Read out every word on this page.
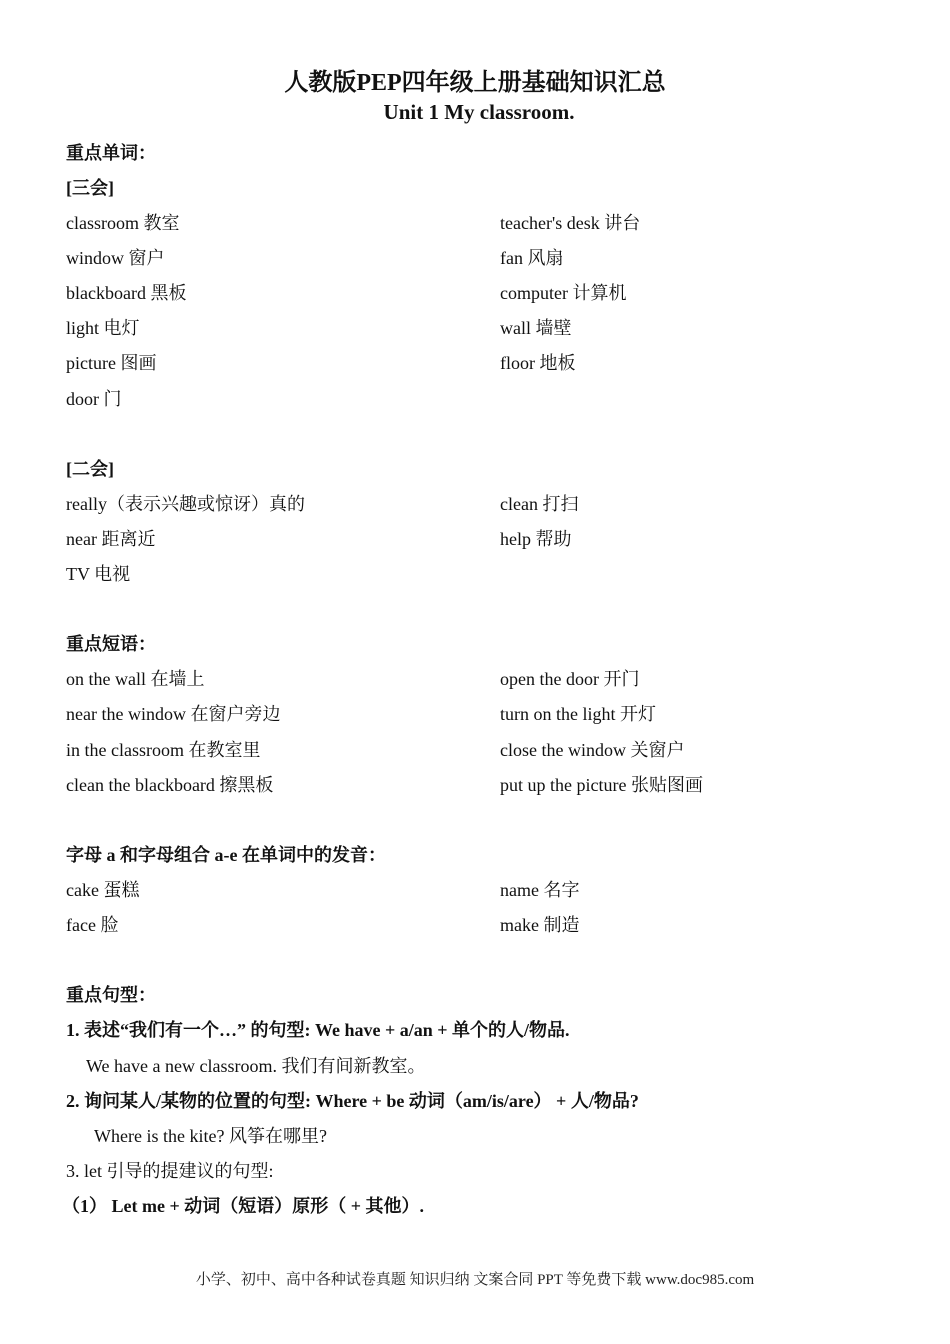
人教版PEP四年级上册基础知识汇总
Unit 1 My classroom.
重点单词：
[三会]
classroom 教室	teacher's desk 讲台
window 窗户	fan 风扇
blackboard 黑板	computer 计算机
light 电灯	wall 墙壁
picture 图画	floor 地板
door 门
[二会]
really（表示兴趣或惊讶）真的	clean 打扫
near 距离近	help 帮助
TV 电视
重点短语：
on the wall 在墙上	open the door 开门
near the window 在窗户旁边	turn on the light 开灯
in the classroom 在教室里	close the window 关窗户
clean the blackboard 擦黑板	put up the picture 张贴图画
字母 a 和字母组合 a-e 在单词中的发音：
cake 蛋糕	name 名字
face 脸	make 制造
重点句型：
1. 表述“我们有一个…” 的句型: We have + a/an + 单个的人/物品.
We have a new classroom. 我们有间新教室。
2. 询问某人/某物的位置的句型: Where + be 动词（am/is/are） + 人/物品?
Where is the kite? 风筝在哪里?
3. let 引导的提建议的句型:
（1） Let me + 动词（短语）原形（ + 其他）.
小学、初中、高中各种试卷真题 知识归纳 文案合同 PPT 等免费下载 www.doc985.com
